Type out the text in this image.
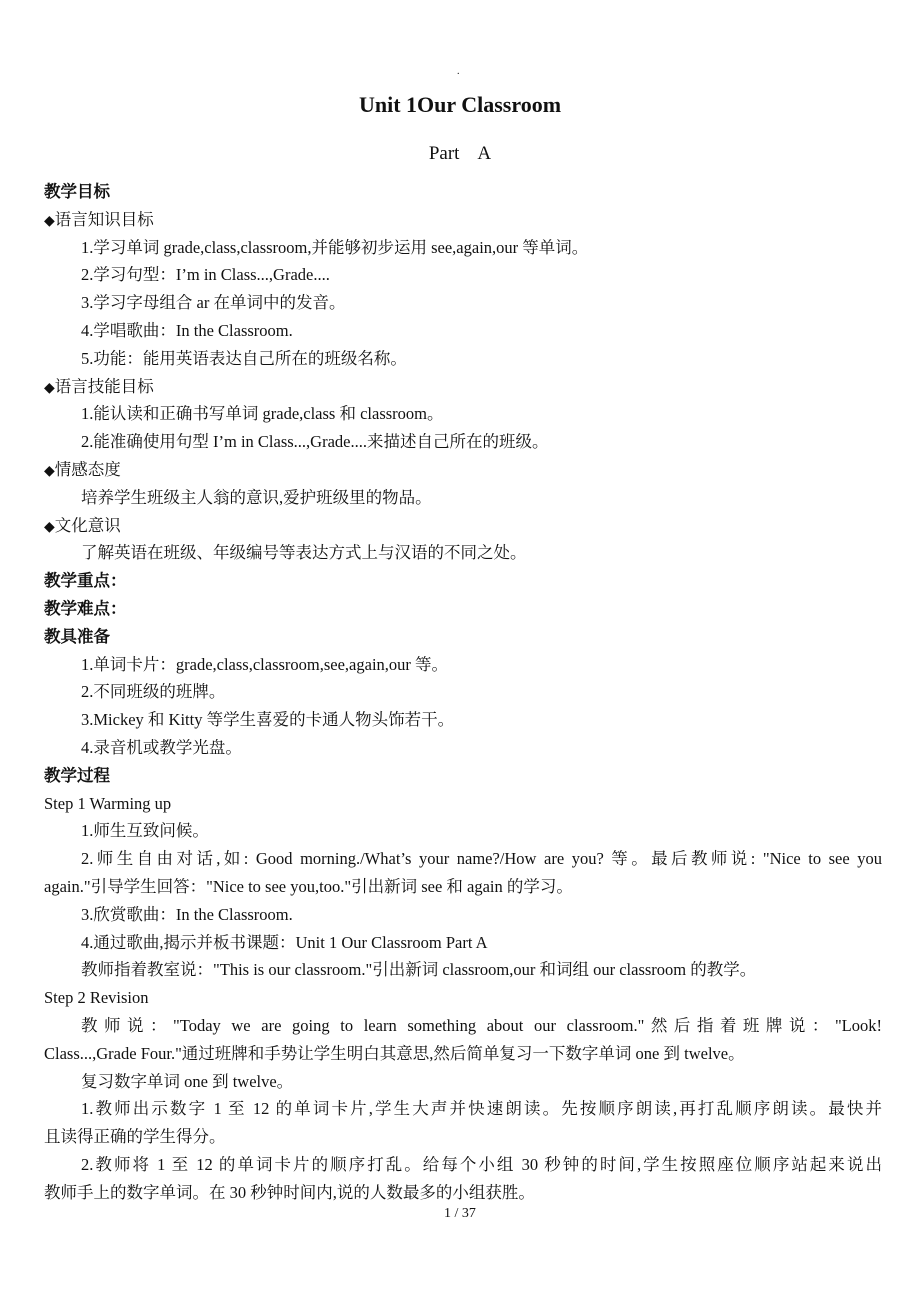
.
Unit 1Our Classroom
Part    A
教学目标
◆语言知识目标
1.学习单词 grade,class,classroom,并能够初步运用 see,again,our 等单词。
2.学习句型：I’m in Class...,Grade....
3.学习字母组合 ar 在单词中的发音。
4.学唱歌曲：In the Classroom.
5.功能：能用英语表达自己所在的班级名称。
◆语言技能目标
1.能认读和正确书写单词 grade,class 和 classroom。
2.能准确使用句型 I’m in Class...,Grade....来描述自己所在的班级。
◆情感态度
培养学生班级主人翁的意识,爱护班级里的物品。
◆文化意识
了解英语在班级、年级编号等表达方式上与汉语的不同之处。
教学重点：
教学难点：
教具准备
1.单词卡片：grade,class,classroom,see,again,our 等。
2.不同班级的班牌。
3.Mickey 和 Kitty 等学生喜爱的卡通人物头饰若干。
4.录音机或教学光盘。
教学过程
Step 1 Warming up
1.师生互致问候。
2.师生自由对话,如: Good morning./What’s your name?/How are you? 等。最后教师说: "Nice to see you
again."引导学生回答："Nice to see you,too."引出新词 see 和 again 的学习。
3.欣赏歌曲：In the Classroom.
4.通过歌曲,揭示并板书课题：Unit 1 Our Classroom Part A
教师指着教室说："This is our classroom."引出新词 classroom,our 和词组 our classroom 的教学。
Step 2 Revision
教师说："Today we are going to learn something about our classroom."然后指着班牌说："Look!
Class...,Grade Four."通过班牌和手势让学生明白其意思,然后简单复习一下数字单词 one 到 twelve。
复习数字单词 one 到 twelve。
1.教师出示数字 1 至 12 的单词卡片,学生大声并快速朗读。先按顺序朗读,再打乱顺序朗读。最快并
且读得正确的学生得分。
2.教师将 1 至 12 的单词卡片的顺序打乱。给每个小组 30 秒钟的时间,学生按照座位顺序站起来说出
教师手上的数字单词。在 30 秒钟时间内,说的人数最多的小组获胜。
1 / 37
